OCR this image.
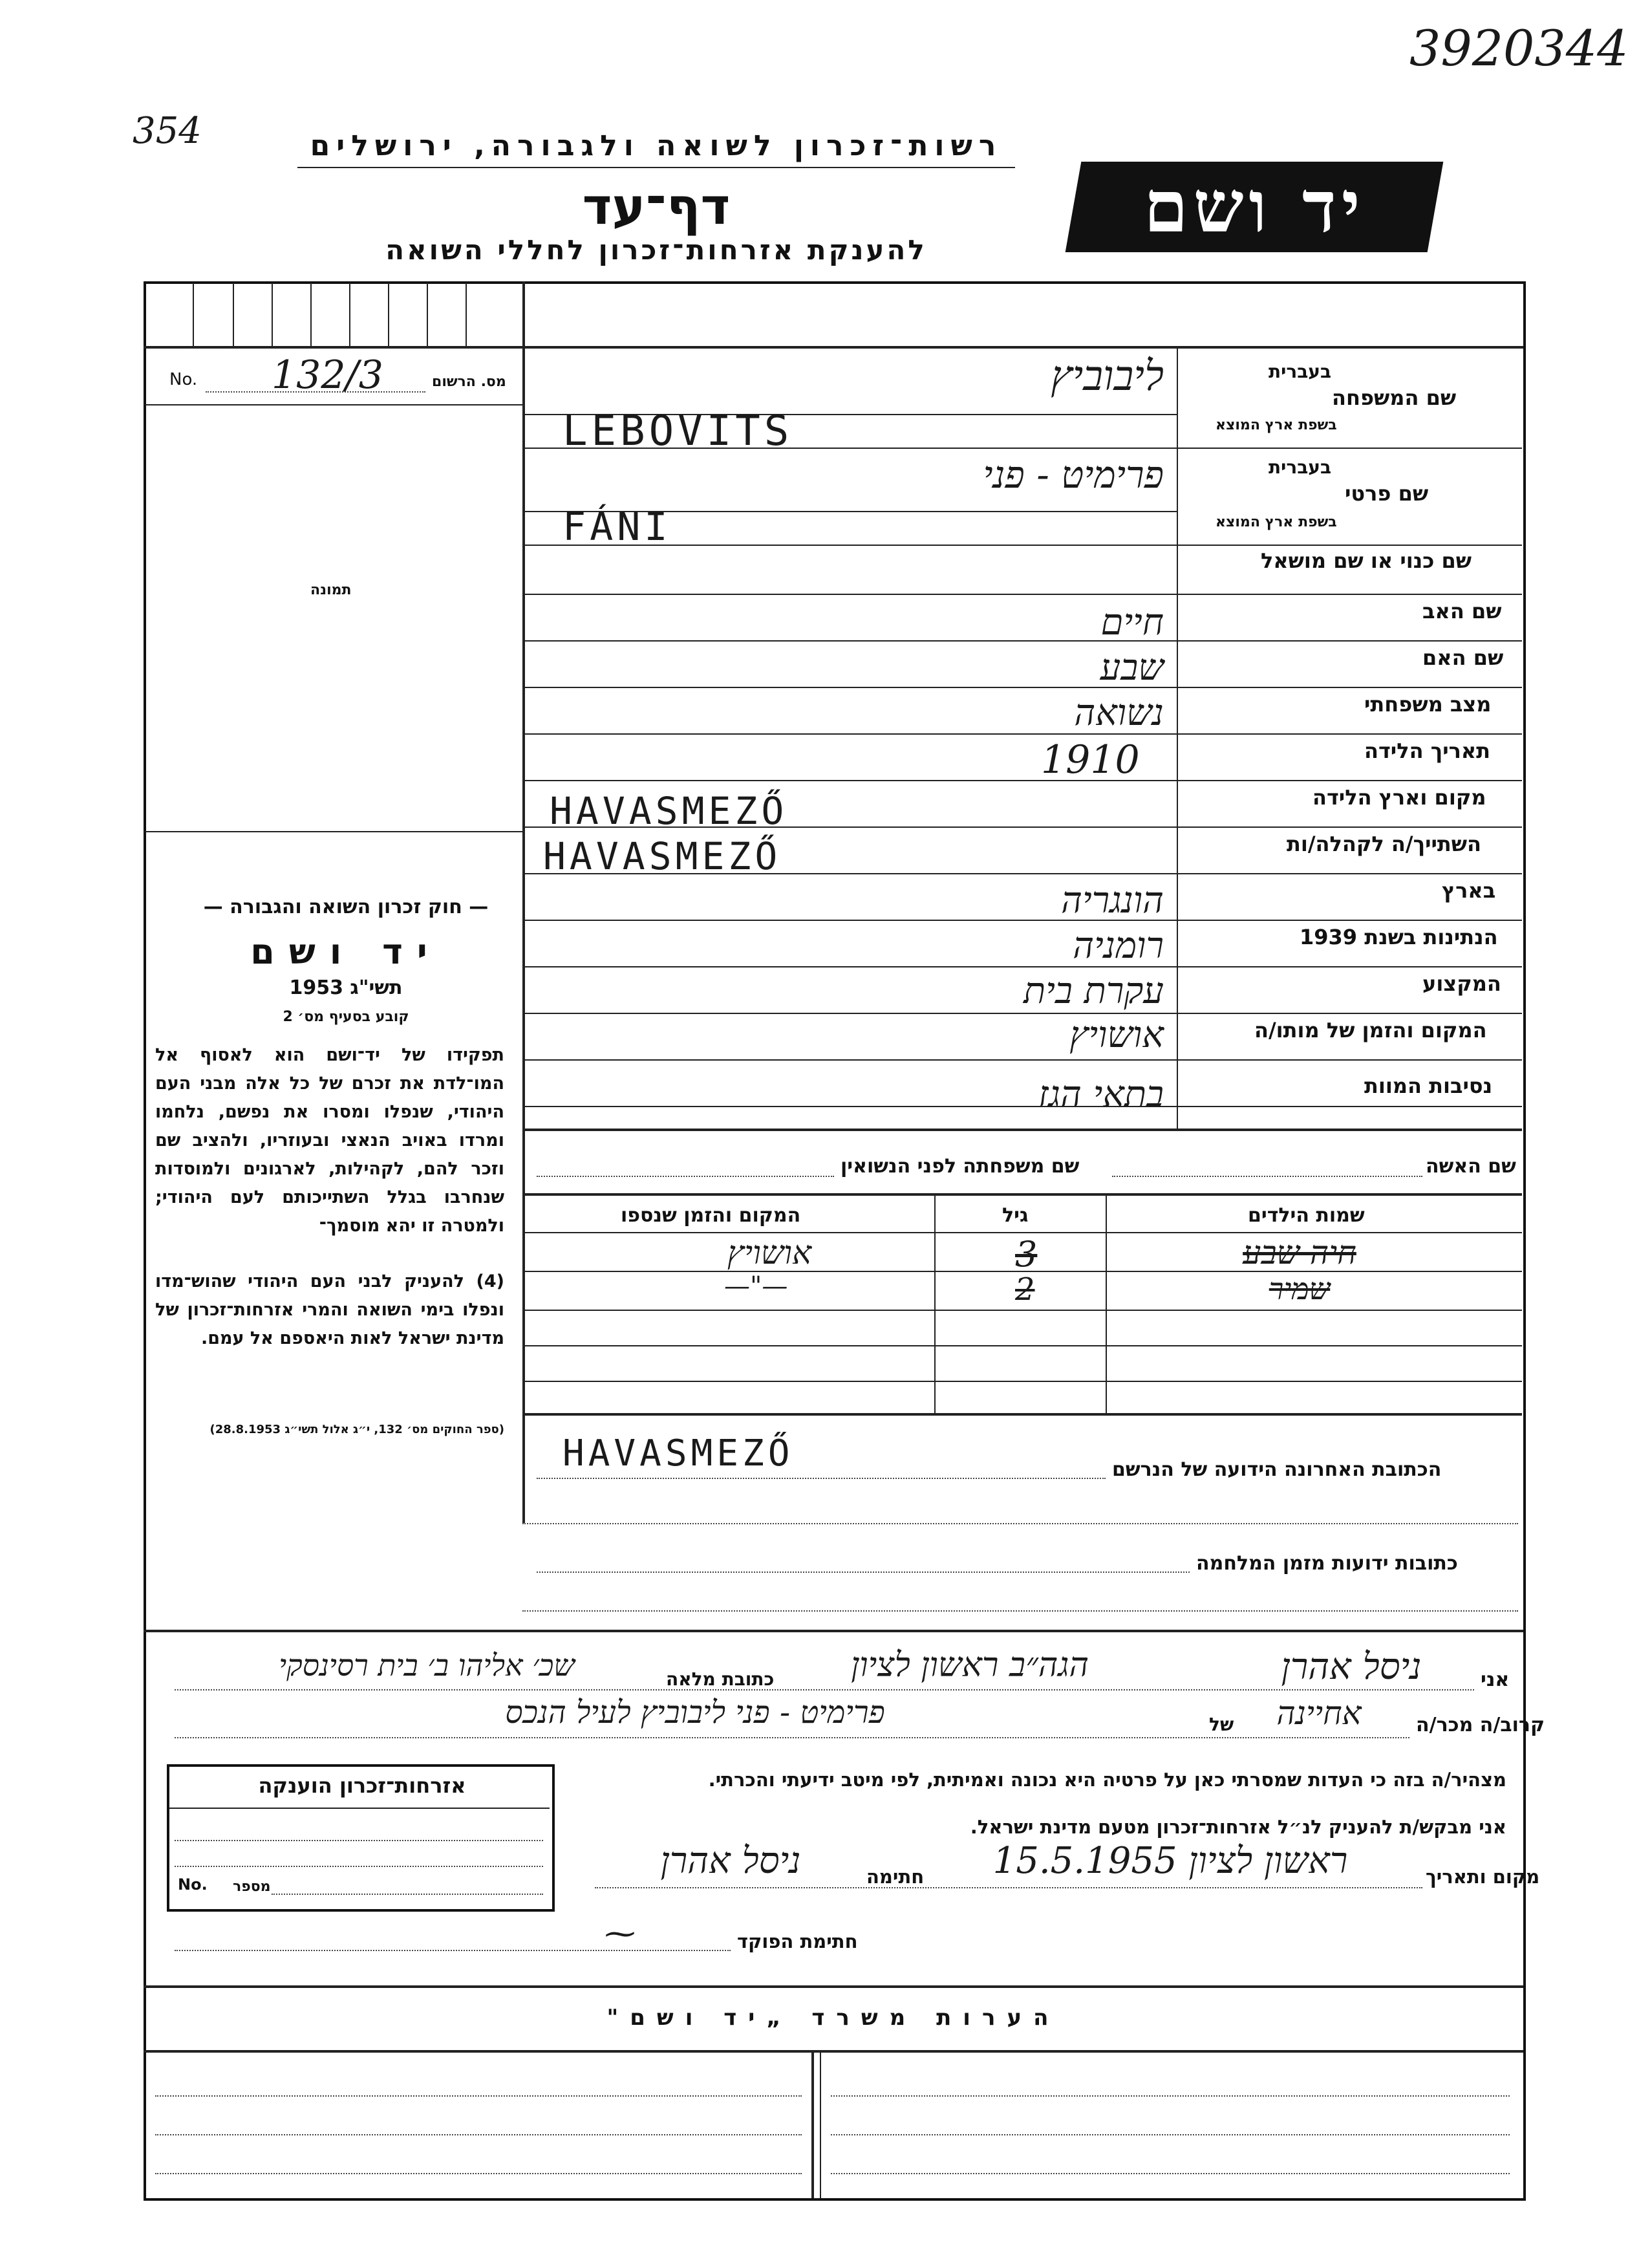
3920344
354	רשות־זכרון לשואה ולגבורה, ירושלים
דף־עד
להענקת אזרחות־זכרון לחללי השואה
יד ושם
No. 132/3	מס. הרשום
תמונה
— חוק זכרון השואה והגבורה —
יד ושם
תשי"ג 1953
קובע בסעיף מס׳ 2
תפקידו של יד־ושם הוא לאסוף אל המו־לדת את זכרם של כל אלה מבני העם היהודי, שנפלו ומסרו את נפשם, נלחמו ומרדו באויב הנאצי ובעוזריו, ולהציב שם וזכר להם, לקהילות, לארגונים ולמוסדות שנחרבו בגלל השתייכותם לעם היהודי; ולמטרה זו יהא מוסמך־
(4) להעניק לבני העם היהודי שהוש־מדו ונפלו בימי השואה והמרי אזרחות־זכרון של מדינת ישראל לאות היאספם אל עמם.
(ספר החוקים מס׳ 132, י״ג אלול תשי״ג 28.8.1953)
שם המשפחה
בעברית
בשפת ארץ המוצא
ליבוביץ
LEBOVITS
שם פרטי
בעברית
בשפת ארץ המוצא
פרימיט - פני
FÁNI
שם כנוי או שם מושאל
שם האב
חיים
שם האם
שבע
מצב משפחתי
נשואה
תאריך הלידה
1910
מקום וארץ הלידה
HAVASMEZŐ
השתייך/ה לקהלה/ות
HAVASMEZŐ
בארץ
הונגריה
הנתינות בשנת 1939
רומניה
המקצוע
עקרת בית
המקום והזמן של מותו/ה
אושויץ
נסיבות המוות
בתאי הגז
שם האשה
שם משפחתה לפני הנשואין
שמות הילדים
גיל
המקום והזמן שנספו
חיה שבע
3
אושויץ
שמיר
2
—"—
הכתובת האחרונה הידועה של הנרשם
HAVASMEZŐ
כתובות ידועות מזמן המלחמה
אני
ניסל אהרן
הגה״ב ראשון לציון
כתובת מלאה
שכ׳ אליהו ב׳ בית רסינסקי
קרוב/ה מכר/ה
אחיינה
של
פרימיט - פני ליבוביץ לעיל הנכס
מצהיר/ה בזה כי העדות שמסרתי כאן על פרטיה היא נכונה ואמיתית, לפי מיטב ידיעתי והכרתי.
אני מבקש/ת להעניק לנ״ל אזרחות־זכרון מטעם מדינת ישראל.
מקום ותאריך
ראשון לציון 15.5.1955
חתימה
ניסל אהרן
חתימת הפוקד
⁓
אזרחות־זכרון הוענקה
No. מספר
הערות משרד „יד ושם"
